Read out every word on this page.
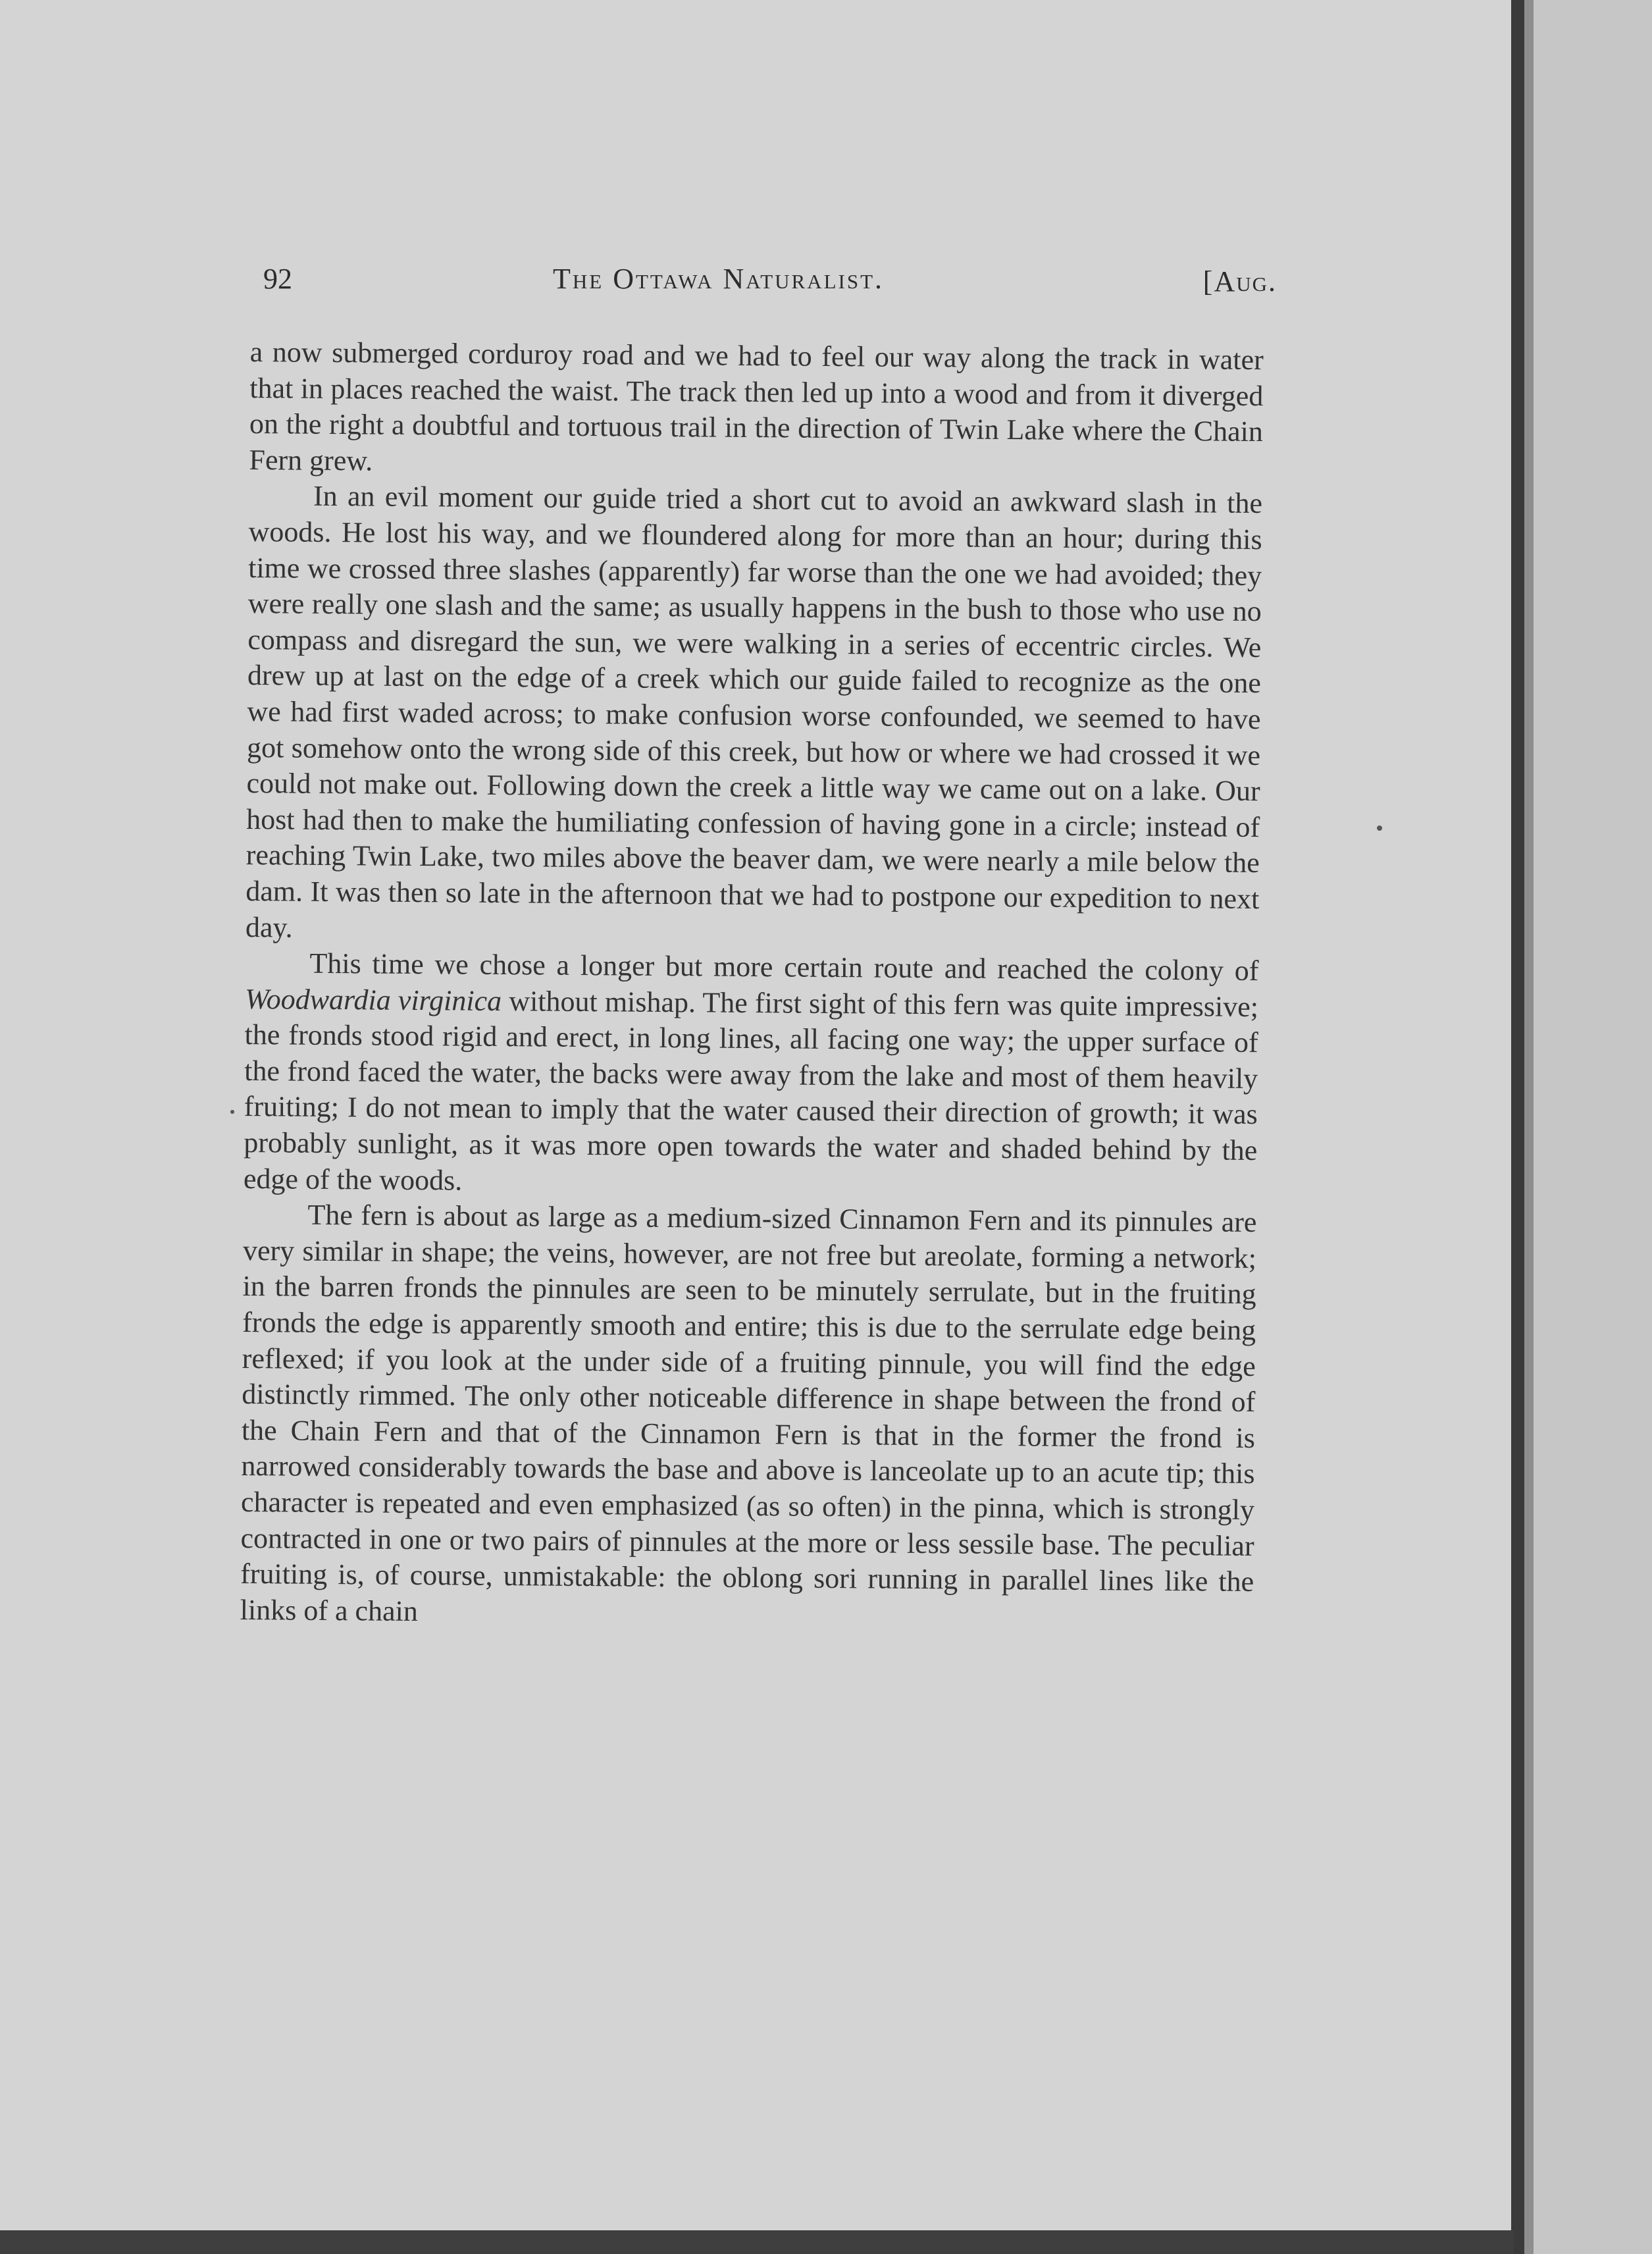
92	The Ottawa Naturalist.	[Aug.

a now submerged corduroy road and we had to feel our way along the track in water that in places reached the waist. The track then led up into a wood and from it diverged on the right a doubtful and tortuous trail in the direction of Twin Lake where the Chain Fern grew.

In an evil moment our guide tried a short cut to avoid an awkward slash in the woods. He lost his way, and we floundered along for more than an hour; during this time we crossed three slashes (apparently) far worse than the one we had avoided; they were really one slash and the same; as usually happens in the bush to those who use no compass and disregard the sun, we were walking in a series of eccentric circles. We drew up at last on the edge of a creek which our guide failed to recognize as the one we had first waded across; to make confusion worse confounded, we seemed to have got somehow onto the wrong side of this creek, but how or where we had crossed it we could not make out. Following down the creek a little way we came out on a lake. Our host had then to make the humiliating confession of having gone in a circle; instead of reaching Twin Lake, two miles above the beaver dam, we were nearly a mile below the dam. It was then so late in the afternoon that we had to postpone our expedition to next day.

This time we chose a longer but more certain route and reached the colony of Woodwardia virginica without mishap. The first sight of this fern was quite impressive; the fronds stood rigid and erect, in long lines, all facing one way; the upper surface of the frond faced the water, the backs were away from the lake and most of them heavily fruiting; I do not mean to imply that the water caused their direction of growth; it was probably sunlight, as it was more open towards the water and shaded behind by the edge of the woods.

The fern is about as large as a medium-sized Cinnamon Fern and its pinnules are very similar in shape; the veins, however, are not free but areolate, forming a network; in the barren fronds the pinnules are seen to be minutely serrulate, but in the fruiting fronds the edge is apparently smooth and entire; this is due to the serrulate edge being reflexed; if you look at the under side of a fruiting pinnule, you will find the edge distinctly rimmed. The only other noticeable difference in shape between the frond of the Chain Fern and that of the Cinnamon Fern is that in the former the frond is narrowed considerably towards the base and above is lanceolate up to an acute tip; this character is repeated and even emphasized (as so often) in the pinna, which is strongly contracted in one or two pairs of pinnules at the more or less sessile base. The peculiar fruiting is, of course, unmistakable: the oblong sori running in parallel lines like the links of a chain
